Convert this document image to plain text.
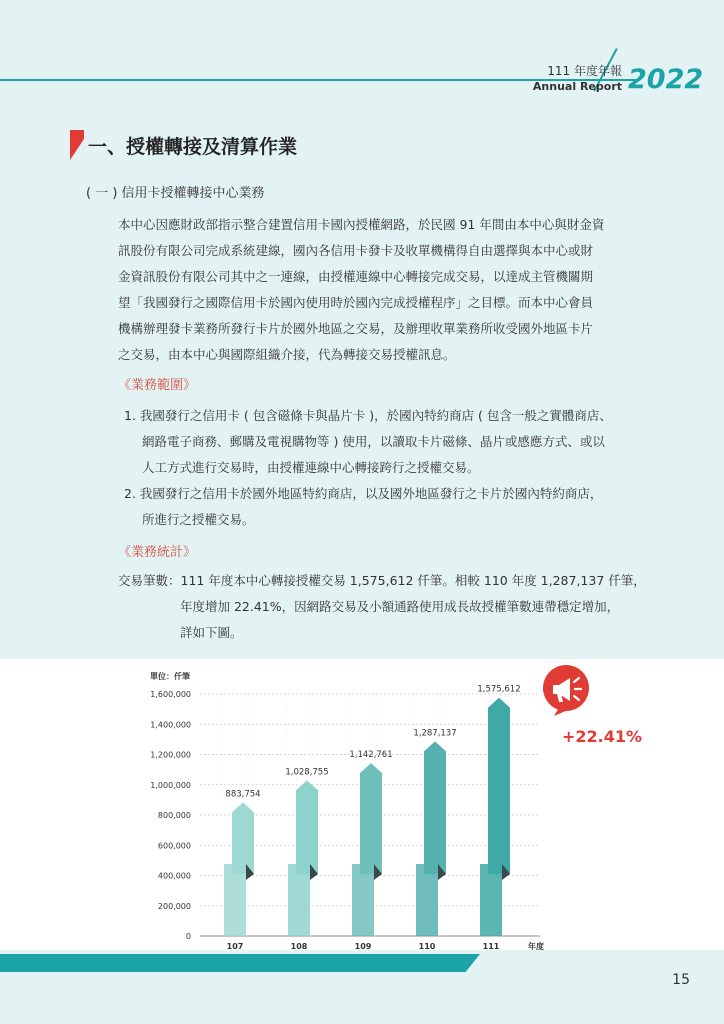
111 年度年報
Annual Report 2022
一、授權轉接及清算作業
( 一 ) 信用卡授權轉接中心業務
本中心因應財政部指示整合建置信用卡國內授權網路，於民國 91 年間由本中心與財金資
訊股份有限公司完成系統建線，國內各信用卡發卡及收單機構得自由選擇與本中心或財
金資訊股份有限公司其中之一連線，由授權連線中心轉接完成交易，以達成主管機關期
望「我國發行之國際信用卡於國內使用時於國內完成授權程序」之目標。而本中心會員
機構辦理發卡業務所發行卡片於國外地區之交易，及辦理收單業務所收受國外地區卡片
之交易，由本中心與國際組織介接，代為轉接交易授權訊息。
《業務範圍》
1. 我國發行之信用卡 ( 包含磁條卡與晶片卡 )，於國內特約商店 ( 包含一般之實體商店、
網路電子商務、郵購及電視購物等 ) 使用，以讀取卡片磁條、晶片或感應方式、或以
人工方式進行交易時，由授權連線中心轉接跨行之授權交易。
2. 我國發行之信用卡於國外地區特約商店，以及國外地區發行之卡片於國內特約商店，
所進行之授權交易。
《業務統計》
交易筆數：111 年度本中心轉接授權交易 1,575,612 仟筆。相較 110 年度 1,287,137 仟筆，
年度增加 22.41%，因網路交易及小額通路使用成長故授權筆數連帶穩定增加，
詳如下圖。
單位：仟筆
0
200,000
400,000
600,000
800,000
1,000,000
1,200,000
1,400,000
1,600,000
883,754
107
1,028,755
108
1,142,761
109
1,287,137
110
1,575,612
111	年度
+22.41%
15
